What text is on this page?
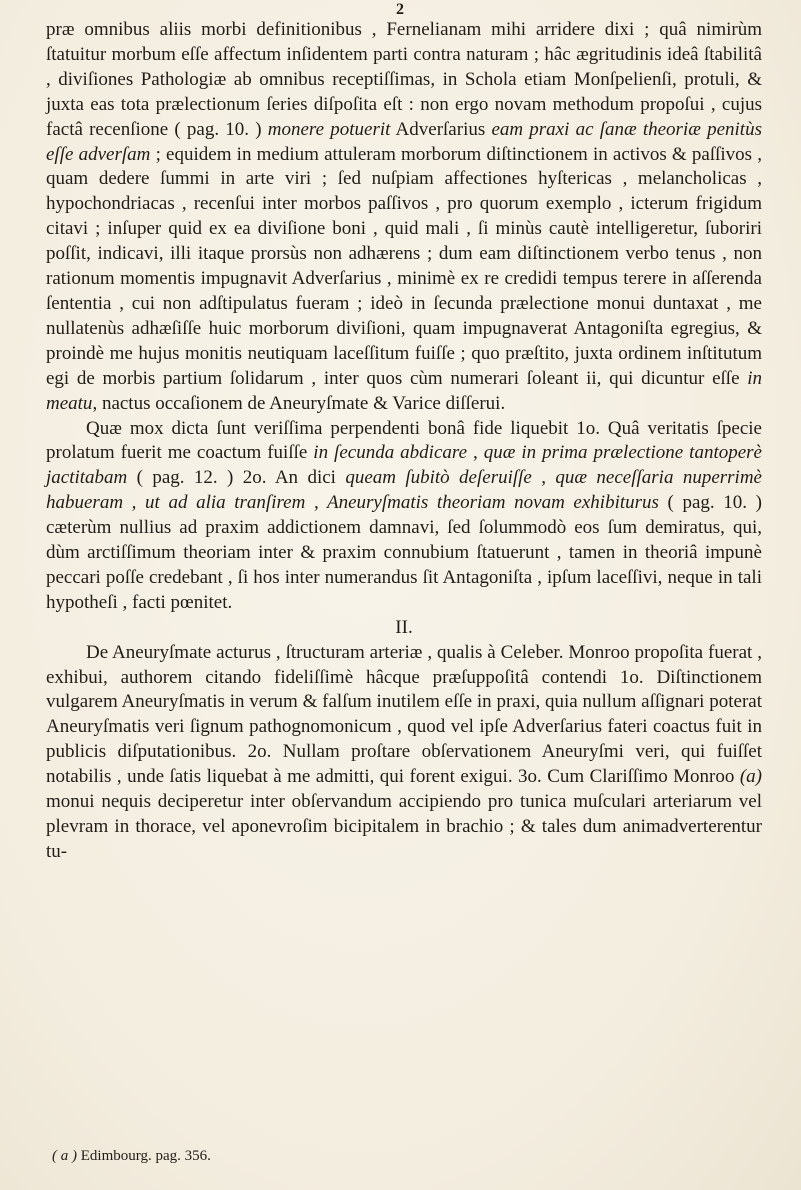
2

præ omnibus aliis morbi definitionibus , Fernelianam mihi arridere dixi ; quâ nimirùm ſtatuitur morbum eſſe affectum inſidentem parti contra naturam ; hâc ægritudinis ideâ ſtabilitâ , diviſiones Pathologiæ ab omnibus receptiſſimas, in Schola etiam Monſpelienſi, protuli, & juxta eas tota prælectionum ſeries diſpoſita eſt : non ergo novam methodum propoſui , cujus factâ recenſione ( pag. 10. ) monere potuerit Adverſarius eam praxi ac ſanæ theoriæ penitùs eſſe adverſam ; equidem in medium attuleram morborum diſtinctionem in activos & paſſivos , quam dedere ſummi in arte viri ; ſed nuſpiam affectiones hyſtericas , melancholicas , hypochondriacas , recenſui inter morbos paſſivos , pro quorum exemplo , icterum frigidum citavi ; inſuper quid ex ea diviſione boni , quid mali , ſi minùs cautè intelligeretur, ſuboriri poſſit, indicavi, illi itaque prorsùs non adhærens ; dum eam diſtinctionem verbo tenus , non rationum momentis impugnavit Adverſarius , minimè ex re credidi tempus terere in aſſerenda ſententia , cui non adſtipulatus fueram ; ideò in ſecunda prælectione monui duntaxat , me nullatenùs adhæſiſſe huic morborum diviſioni, quam impugnaverat Antagoniſta egregius, & proindè me hujus monitis neutiquam laceſſitum fuiſſe ; quo præſtito, juxta ordinem inſtitutum egi de morbis partium ſolidarum , inter quos cùm numerari ſoleant ii, qui dicuntur eſſe in meatu, nactus occaſionem de Aneuryſmate & Varice diſſerui.

Quæ mox dicta ſunt veriſſima perpendenti bonâ fide liquebit 1o. Quâ veritatis ſpecie prolatum fuerit me coactum fuiſſe in ſecunda abdicare , quæ in prima prælectione tantoperè jactitabam ( pag. 12. ) 2o. An dici queam ſubitò deſeruiſſe , quæ neceſſaria nuperrimè habueram , ut ad alia tranſirem , Aneuryſmatis theoriam novam exhibiturus ( pag. 10. ) cæterùm nullius ad praxim addictionem damnavi, ſed ſolummodò eos ſum demiratus, qui, dùm arctiſſimum theoriam inter & praxim connubium ſtatuerunt , tamen in theoriâ impunè peccari poſſe credebant , ſi hos inter numerandus ſit Antagoniſta , ipſum laceſſivi, neque in tali hypotheſi , facti pœnitet.

II.

De Aneuryſmate acturus , ſtructuram arteriæ , qualis à Celeber. Monroo propoſita fuerat , exhibui, authorem citando fideliſſimè hâcque præſuppoſitâ contendi 1o. Diſtinctionem vulgarem Aneuryſmatis in verum & falſum inutilem eſſe in praxi, quia nullum aſſignari poterat Aneuryſmatis veri ſignum pathognomonicum , quod vel ipſe Adverſarius fateri coactus fuit in publicis diſputationibus. 2o. Nullam proſtare obſervationem Aneuryſmi veri, qui fuiſſet notabilis , unde ſatis liquebat à me admitti, qui forent exigui. 3o. Cum Clariſſimo Monroo (a) monui nequis deciperetur inter obſervandum accipiendo pro tunica muſculari arteriarum vel plevram in thorace, vel aponevroſim bicipitalem in brachio ; & tales dum animadverterentur tu-

( a ) Edimbourg. pag. 356.
